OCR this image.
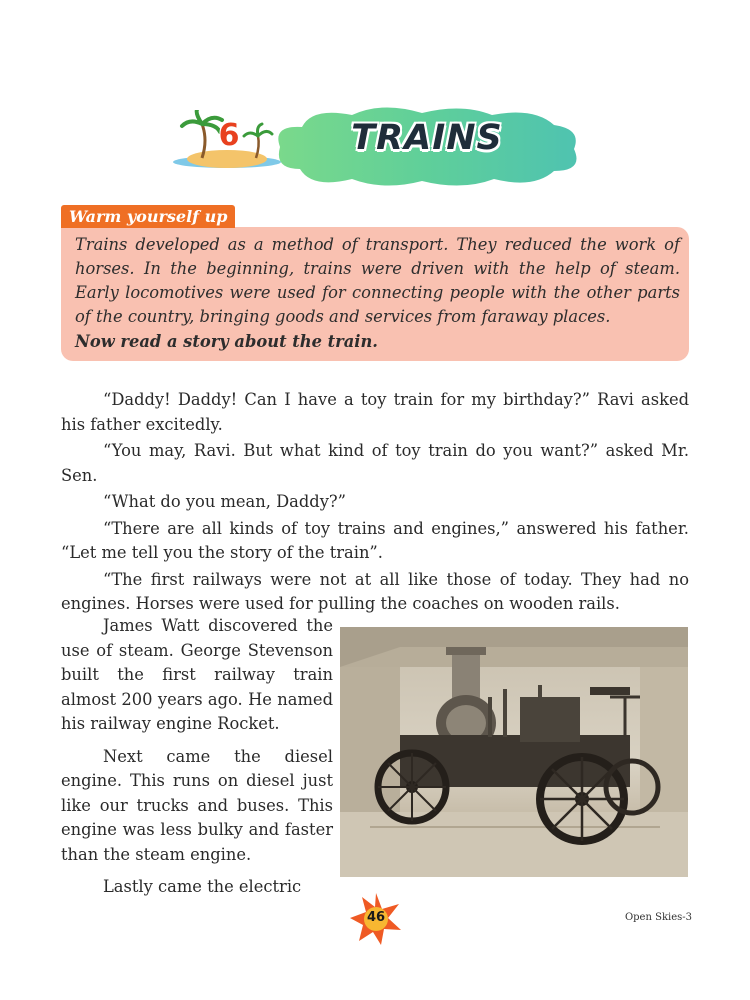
6	TRAINS
Warm yourself up

Trains developed as a method of transport. They reduced the work of horses. In the beginning, trains were driven with the help of steam. Early locomotives were used for connecting people with the other parts of the country, bringing goods and services from faraway places.

Now read a story about the train.

“Daddy! Daddy! Can I have a toy train for my birthday?” Ravi asked his father excitedly.

“You may, Ravi. But what kind of toy train do you want?” asked Mr. Sen.

“What do you mean, Daddy?”

“There are all kinds of toy trains and engines,” answered his father. “Let me tell you the story of the train”.

“The first railways were not at all like those of today. They had no engines. Horses were used for pulling the coaches on wooden rails.

James Watt discovered the use of steam. George Stevenson built the first railway train almost 200 years ago. He named his railway engine Rocket.

Next came the diesel engine. This runs on diesel just like our trucks and buses. This engine was less bulky and faster than the steam engine.

Lastly came the electric

46	Open Skies-3
